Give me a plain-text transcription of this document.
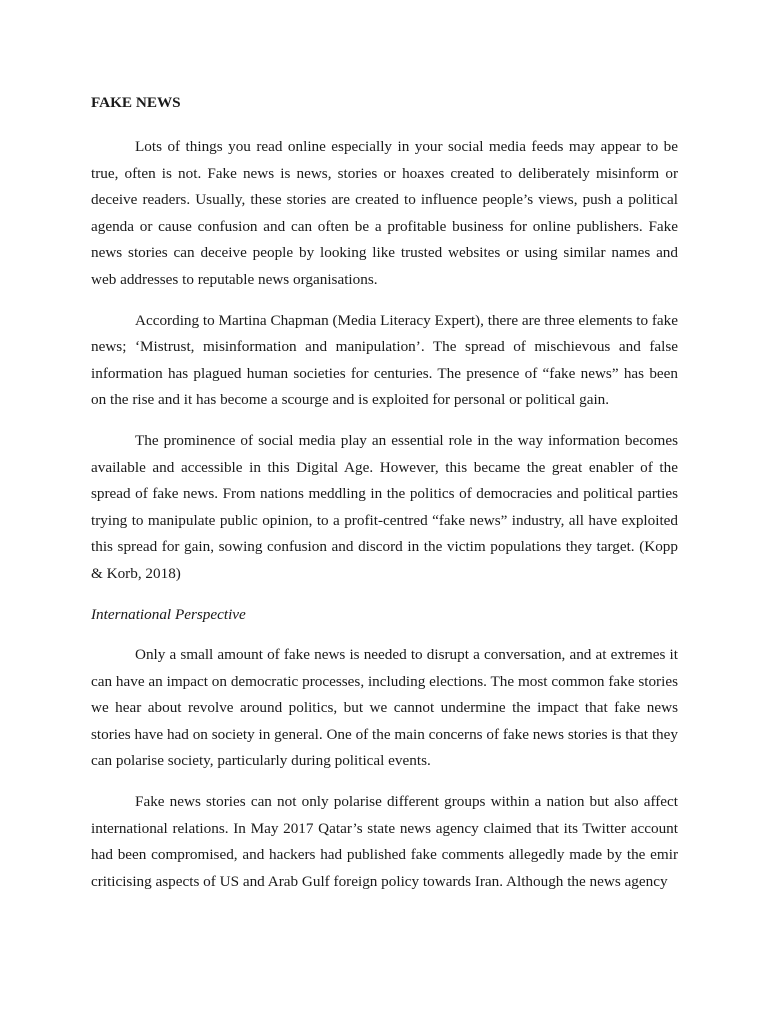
FAKE NEWS

Lots of things you read online especially in your social media feeds may appear to be true, often is not. Fake news is news, stories or hoaxes created to deliberately misinform or deceive readers. Usually, these stories are created to influence people’s views, push a political agenda or cause confusion and can often be a profitable business for online publishers. Fake news stories can deceive people by looking like trusted websites or using similar names and web addresses to reputable news organisations.

According to Martina Chapman (Media Literacy Expert), there are three elements to fake news; ‘Mistrust, misinformation and manipulation’. The spread of mischievous and false information has plagued human societies for centuries. The presence of “fake news” has been on the rise and it has become a scourge and is exploited for personal or political gain.

The prominence of social media play an essential role in the way information becomes available and accessible in this Digital Age. However, this became the great enabler of the spread of fake news. From nations meddling in the politics of democracies and political parties trying to manipulate public opinion, to a profit-centred “fake news” industry, all have exploited this spread for gain, sowing confusion and discord in the victim populations they target. (Kopp & Korb, 2018)

International Perspective

Only a small amount of fake news is needed to disrupt a conversation, and at extremes it can have an impact on democratic processes, including elections. The most common fake stories we hear about revolve around politics, but we cannot undermine the impact that fake news stories have had on society in general. One of the main concerns of fake news stories is that they can polarise society, particularly during political events.

Fake news stories can not only polarise different groups within a nation but also affect international relations. In May 2017 Qatar’s state news agency claimed that its Twitter account had been compromised, and hackers had published fake comments allegedly made by the emir criticising aspects of US and Arab Gulf foreign policy towards Iran. Although the news agency
